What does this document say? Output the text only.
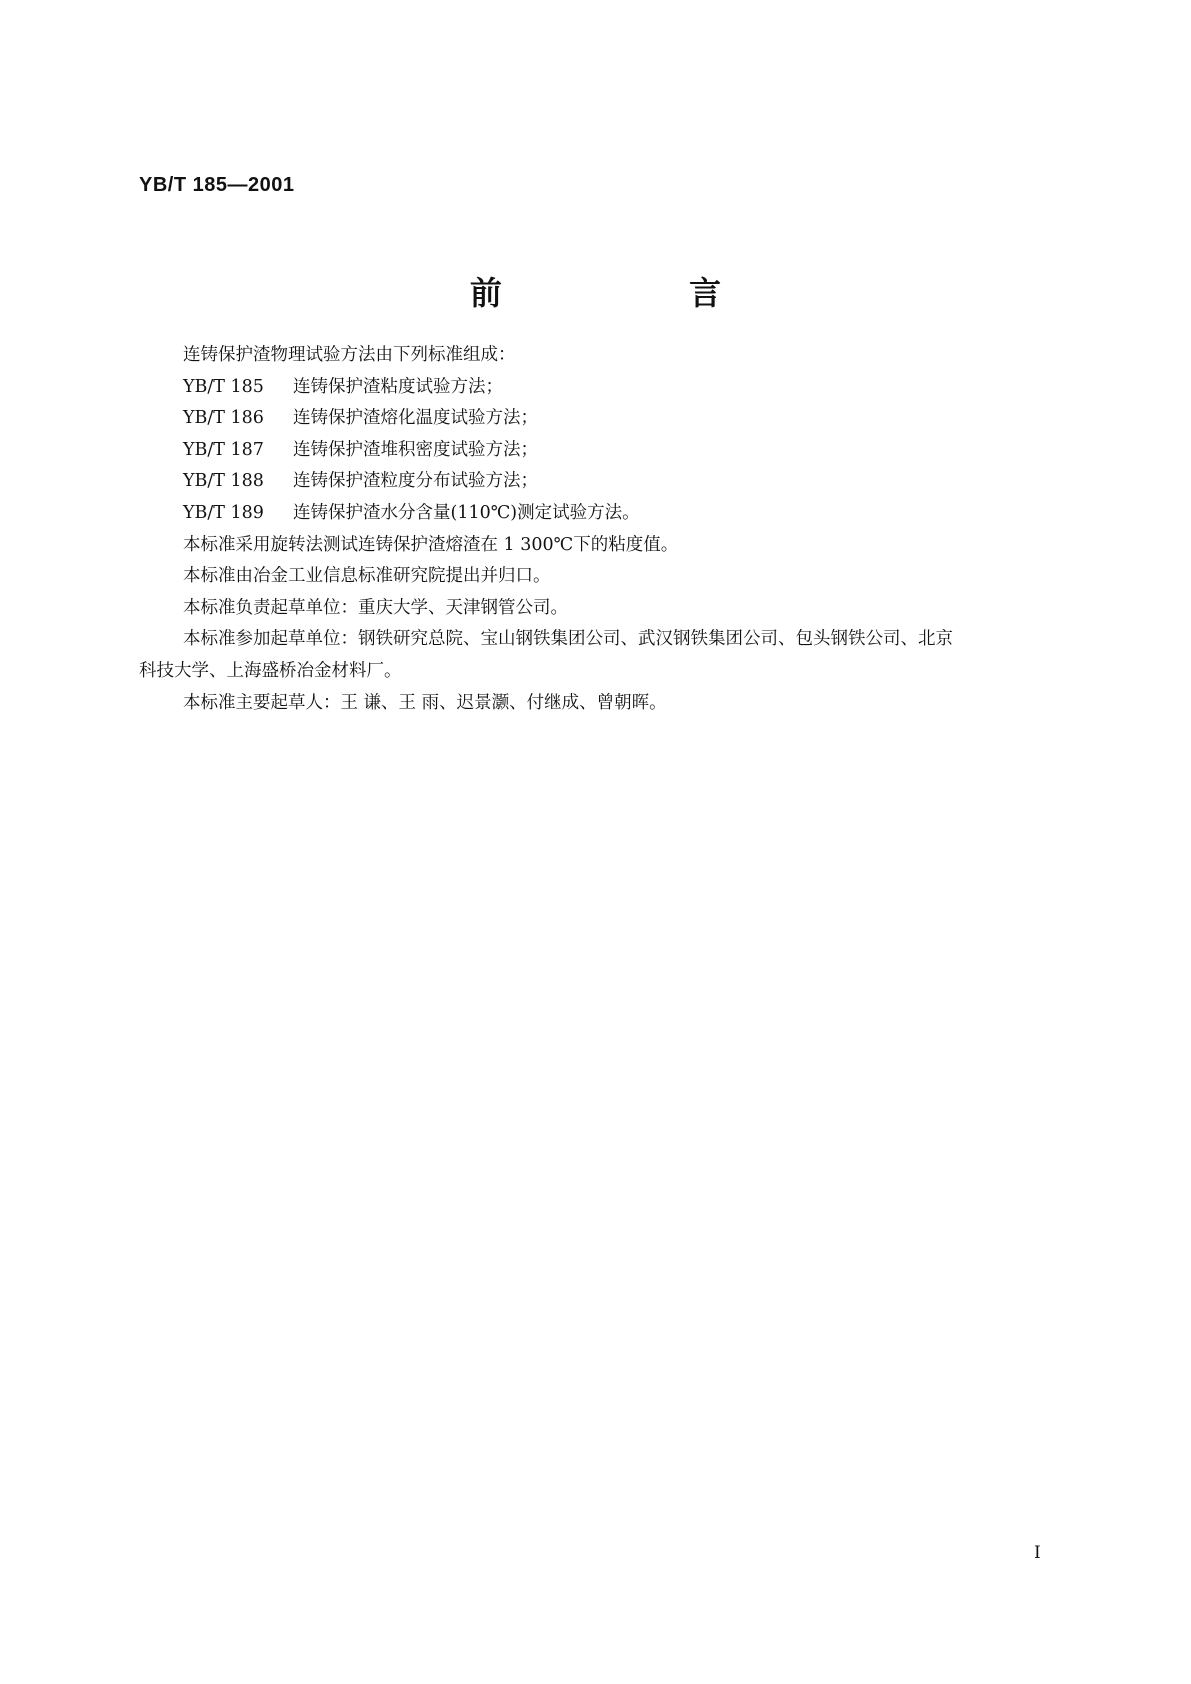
YB/T 185—2001
前 言
连铸保护渣物理试验方法由下列标准组成：
YB/T 185 连铸保护渣粘度试验方法；
YB/T 186 连铸保护渣熔化温度试验方法；
YB/T 187 连铸保护渣堆积密度试验方法；
YB/T 188 连铸保护渣粒度分布试验方法；
YB/T 189 连铸保护渣水分含量(110℃)测定试验方法。
本标准采用旋转法测试连铸保护渣熔渣在 1 300℃下的粘度值。
本标准由冶金工业信息标准研究院提出并归口。
本标准负责起草单位：重庆大学、天津钢管公司。
本标准参加起草单位：钢铁研究总院、宝山钢铁集团公司、武汉钢铁集团公司、包头钢铁公司、北京
科技大学、上海盛桥冶金材料厂。
本标准主要起草人：王 谦、王 雨、迟景灏、付继成、曾朝晖。
I
